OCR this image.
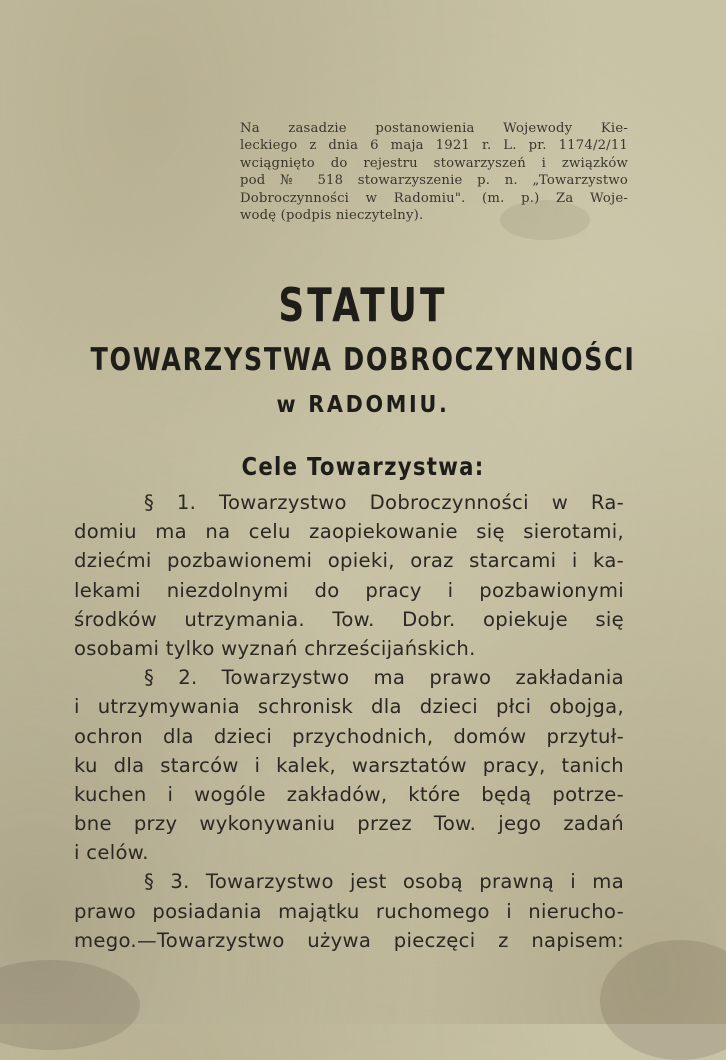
Na zasadzie postanowienia Wojewody Kie-
leckiego z dnia 6 maja 1921 r. L. pr. 1174/2/11
wciągnięto do rejestru stowarzyszeń i związków
pod № 518 stowarzyszenie p. n. „Towarzystwo
Dobroczynności w Radomiu". (m. p.) Za Woje-
wodę (podpis nieczytelny).
STATUT
TOWARZYSTWA DOBROCZYNNOŚCI
w RADOMIU.
Cele Towarzystwa:
§ 1. Towarzystwo Dobroczynności w Ra-
domiu ma na celu zaopiekowanie się sierotami,
dziećmi pozbawionemi opieki, oraz starcami i ka-
lekami niezdolnymi do pracy i pozbawionymi
środków utrzymania. Tow. Dobr. opiekuje się
osobami tylko wyznań chrześcijańskich.
§ 2. Towarzystwo ma prawo zakładania
i utrzymywania schronisk dla dzieci płci obojga,
ochron dla dzieci przychodnich, domów przytuł-
ku dla starców i kalek, warsztatów pracy, tanich
kuchen i wogóle zakładów, które będą potrze-
bne przy wykonywaniu przez Tow. jego zadań
i celów.
§ 3. Towarzystwo jest osobą prawną i ma
prawo posiadania majątku ruchomego i nierucho-
mego.—Towarzystwo używa pieczęci z napisem:
